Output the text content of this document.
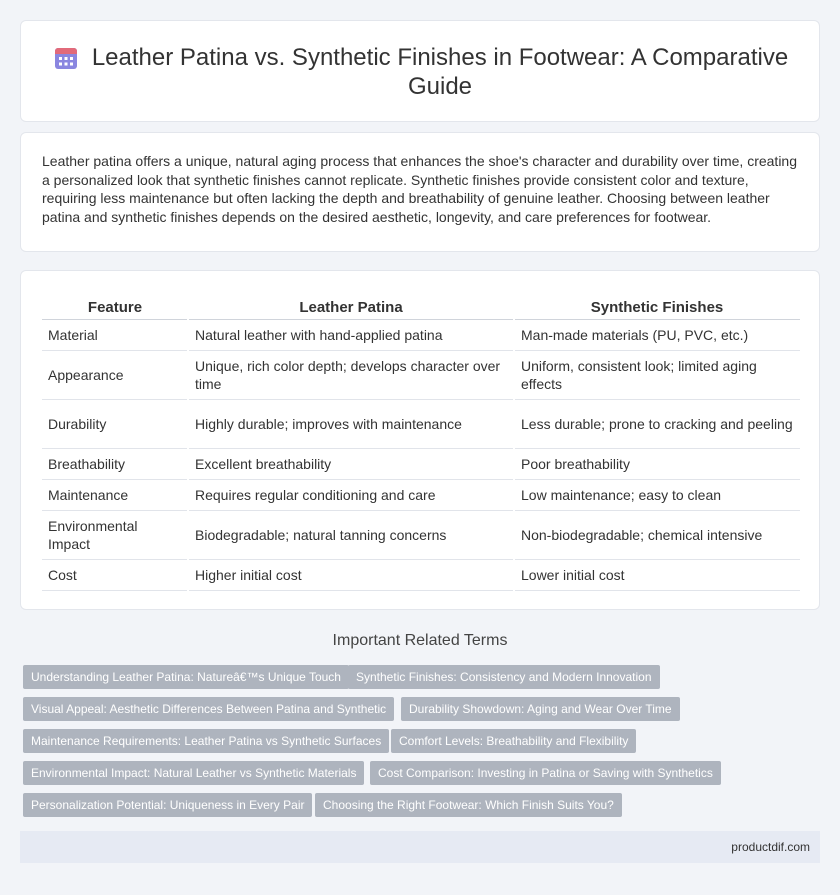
Leather Patina vs. Synthetic Finishes in Footwear: A Comparative Guide

Leather patina offers a unique, natural aging process that enhances the shoe's character and durability over time, creating a personalized look that synthetic finishes cannot replicate. Synthetic finishes provide consistent color and texture, requiring less maintenance but often lacking the depth and breathability of genuine leather. Choosing between leather patina and synthetic finishes depends on the desired aesthetic, longevity, and care preferences for footwear.

Feature	Leather Patina	Synthetic Finishes
Material	Natural leather with hand-applied patina	Man-made materials (PU, PVC, etc.)
Appearance	Unique, rich color depth; develops character over time	Uniform, consistent look; limited aging effects
Durability	Highly durable; improves with maintenance	Less durable; prone to cracking and peeling
Breathability	Excellent breathability	Poor breathability
Maintenance	Requires regular conditioning and care	Low maintenance; easy to clean
Environmental Impact	Biodegradable; natural tanning concerns	Non-biodegradable; chemical intensive
Cost	Higher initial cost	Lower initial cost
Important Related Terms
Understanding Leather Patina: Natureâ€™s Unique Touch	Synthetic Finishes: Consistency and Modern Innovation
Visual Appeal: Aesthetic Differences Between Patina and Synthetic	Durability Showdown: Aging and Wear Over Time
Maintenance Requirements: Leather Patina vs Synthetic Surfaces	Comfort Levels: Breathability and Flexibility
Environmental Impact: Natural Leather vs Synthetic Materials	Cost Comparison: Investing in Patina or Saving with Synthetics
Personalization Potential: Uniqueness in Every Pair	Choosing the Right Footwear: Which Finish Suits You?
productdif.com
